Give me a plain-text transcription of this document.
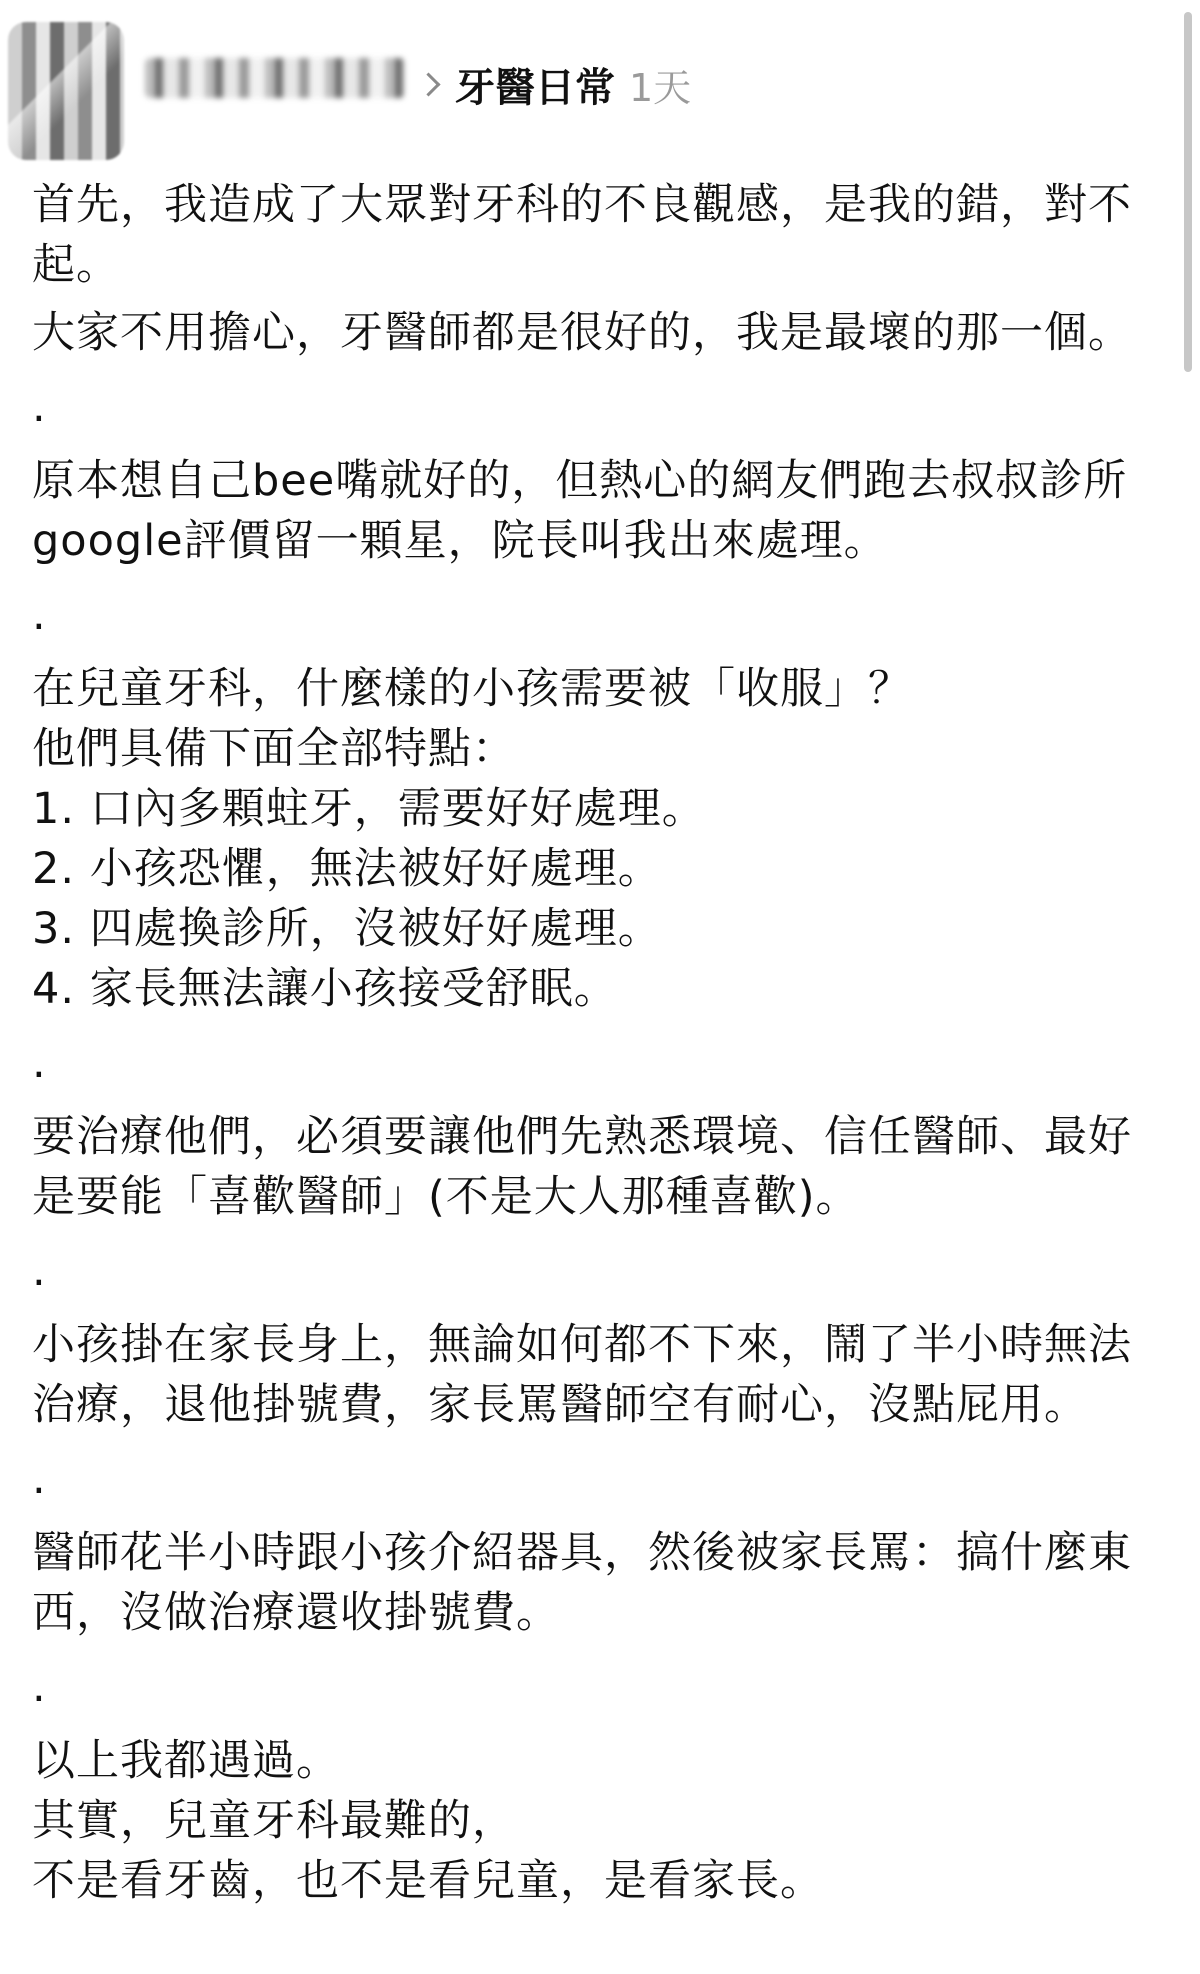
牙醫日常 1天
首先，我造成了大眾對牙科的不良觀感，是我的錯，對不
起。
大家不用擔心，牙醫師都是很好的，我是最壞的那一個。
.
原本想自己bee嘴就好的，但熱心的網友們跑去叔叔診所
google評價留一顆星，院長叫我出來處理。
.
在兒童牙科，什麼樣的小孩需要被「收服」？
他們具備下面全部特點：
1. 口內多顆蛀牙，需要好好處理。
2. 小孩恐懼，無法被好好處理。
3. 四處換診所，沒被好好處理。
4. 家長無法讓小孩接受舒眠。
.
要治療他們，必須要讓他們先熟悉環境、信任醫師、最好
是要能「喜歡醫師」(不是大人那種喜歡)。
.
小孩掛在家長身上，無論如何都不下來，鬧了半小時無法
治療，退他掛號費，家長罵醫師空有耐心，沒點屁用。
.
醫師花半小時跟小孩介紹器具，然後被家長罵：搞什麼東
西，沒做治療還收掛號費。
.
以上我都遇過。
其實，兒童牙科最難的，
不是看牙齒，也不是看兒童，是看家長。
